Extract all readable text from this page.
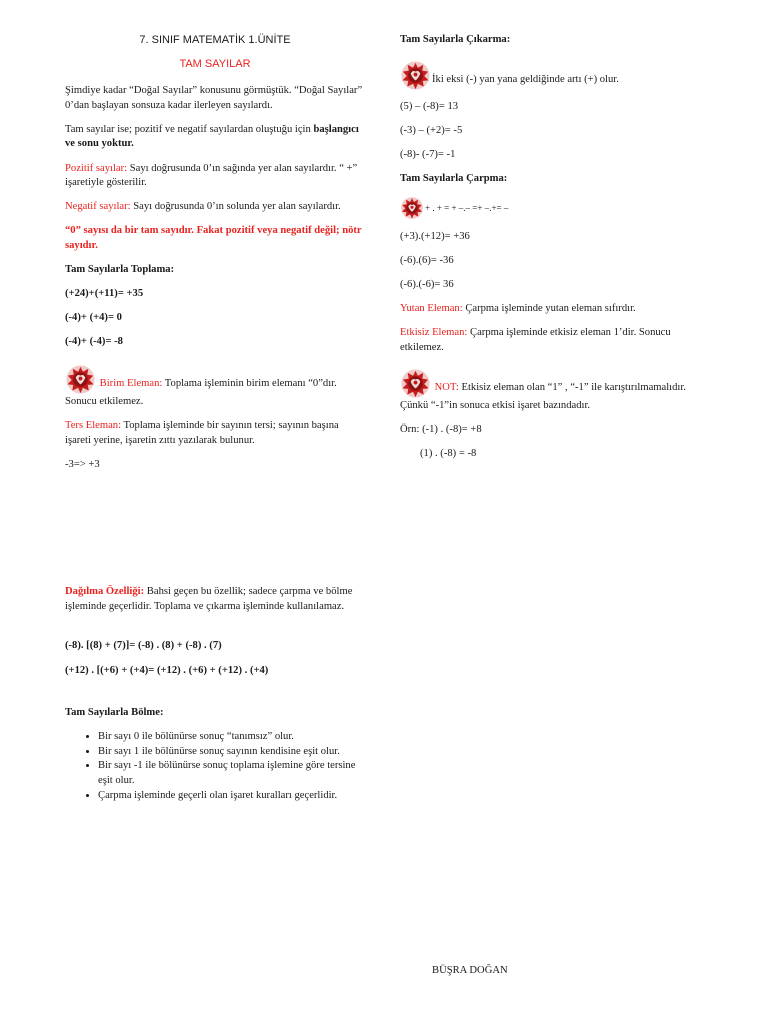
7. SINIF MATEMATİK 1.ÜNİTE
TAM SAYILAR

Şimdiye kadar “Doğal Sayılar” konusunu görmüştük. “Doğal Sayılar” 0’dan başlayan sonsuza kadar ilerleyen sayılardı.

Tam sayılar ise; pozitif ve negatif sayılardan oluştuğu için başlangıcı ve sonu yoktur.

Pozitif sayılar: Sayı doğrusunda 0’ın sağında yer alan sayılardır. “ +” işaretiyle gösterilir.

Negatif sayılar: Sayı doğrusunda 0’ın solunda yer alan sayılardır.

“0” sayısı da bir tam sayıdır. Fakat pozitif veya negatif değil; nötr sayıdır.

Tam Sayılarla Toplama:

(+24)+(+11)= +35

(-4)+ (+4)= 0

(-4)+ (-4)= -8

Birim Eleman: Toplama işleminin birim elemanı “0”dır. Sonucu etkilemez.

Ters Eleman: Toplama işleminde bir sayının tersi; sayının başına işareti yerine, işaretin zıttı yazılarak bulunur.

-3=> +3

Dağılma Özelliği: Bahsi geçen bu özellik; sadece çarpma ve bölme işleminde geçerlidir. Toplama ve çıkarma işleminde kullanılamaz.

(-8). [(8) + (7)]= (-8) . (8) + (-8) . (7)

(+12) . [(+6) + (+4)= (+12) . (+6) + (+12) . (+4)

Tam Sayılarla Bölme:

• Bir sayı 0 ile bölünürse sonuç “tanımsız” olur.
• Bir sayı 1 ile bölünürse sonuç sayının kendisine eşit olur.
• Bir sayı -1 ile bölünürse sonuç toplama işlemine göre tersine eşit olur.
• Çarpma işleminde geçerli olan işaret kuralları geçerlidir.

Tam Sayılarla Çıkarma:

İki eksi (-) yan yana geldiğinde artı (+) olur.

(5) – (-8)= 13

(-3) – (+2)= -5

(-8)- (-7)= -1

Tam Sayılarla Çarpma:

+ . + = + –.– =+ –.+= –

(+3).(+12)= +36

(-6).(6)= -36

(-6).(-6)= 36

Yutan Eleman: Çarpma işleminde yutan eleman sıfırdır.

Etkisiz Eleman: Çarpma işleminde etkisiz eleman 1’dir. Sonucu etkilemez.

NOT: Etkisiz eleman olan “1” , “-1” ile karıştırılmamalıdır. Çünkü “-1”in sonuca etkisi işaret bazındadır.

Örn: (-1) . (-8)= +8

(1) . (-8) = -8

BÜŞRA DOĞAN
